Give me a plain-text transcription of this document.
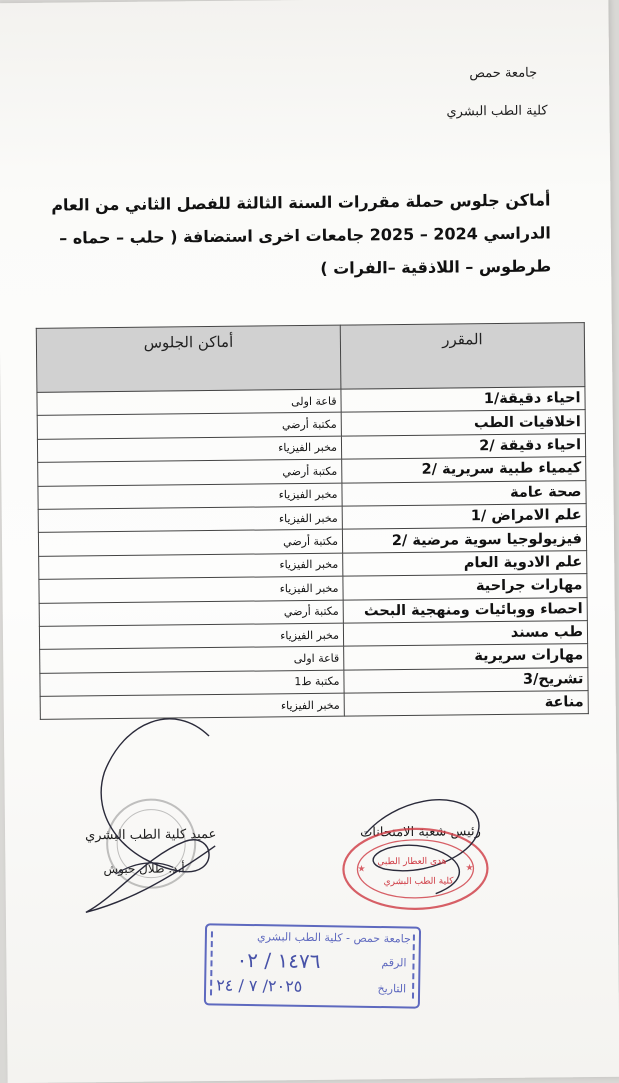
جامعة حمص
كلية الطب البشري
أماكن جلوس حملة مقررات السنة الثالثة للفصل الثاني من العام
الدراسي 2024 – 2025 جامعات اخرى استضافة ( حلب – حماه –
طرطوس – اللاذقية –الفرات )
المقرر	أماكن الجلوس
احياء دقيقة/1	قاعة اولى
اخلاقيات الطب	مكتبة أرضي
احياء دقيقة /2	مخبر الفيزياء
كيمياء طبية سريرية /2	مكتبة أرضي
صحة عامة	مخبر الفيزياء
علم الامراض /1	مخبر الفيزياء
فيزيولوجيا سوية مرضية /2	مكتبة أرضي
علم الادوية العام	مخبر الفيزياء
مهارات جراحية	مخبر الفيزياء
احصاء ووبائيات ومنهجية البحث	مكتبة أرضي
طب مسند	مخبر الفيزياء
مهارات سريرية	قاعة اولى
تشريح/3	مكتبة ط1
مناعة	مخبر الفيزياء
عميد كلية الطب البشري
أ.د. طلال حبوش
رئيس شعبة الامتحانات
★	★
كلية الطب البشري
هدى العطار الطبي
جامعة حمص - كلية الطب البشري
الرقم
١٤٧٦ / ٠٢
التاريخ
٢٠٢٥/ ٧ / ٢٤
